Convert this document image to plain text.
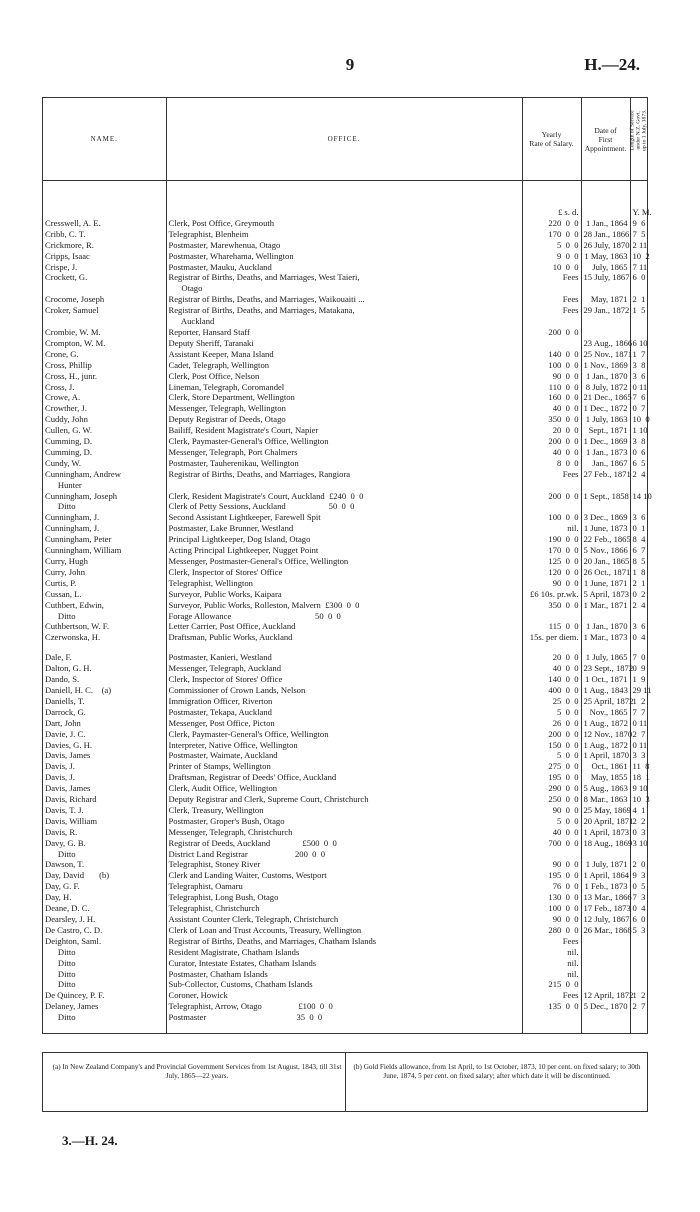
9	H.—24.
NAME.	OFFICE.	Yearly
Rate of Salary.	Date of
First
Appointment.	Length of Service
under N.Z. Govt.
up to 1 July, 1873.

		£ s. d.		Y. M.
Cresswell, A. E.	Clerk, Post Office, Greymouth	220  0  0	1 Jan., 1864	9  6
Cribb, C. T.	Telegraphist, Blenheim	170  0  0	28 Jan., 1866	7  5
Crickmore, R.	Postmaster, Marewhenua, Otago	5  0  0	26 July, 1870	2 11
Cripps, Isaac	Postmaster, Wharehama, Wellington	9  0  0	1 May, 1863	10  2
Crispe, J.	Postmaster, Mauku, Auckland	10  0  0	July, 1865	7 11
Crockett, G.	Registrar of Births, Deaths, and Marriages, West Taieri,	Fees	15 July, 1867	6  0
	Otago			
Crocome, Joseph	Registrar of Births, Deaths, and Marriages, Waikouaiti ...	Fees	May, 1871	2  1
Croker, Samuel	Registrar of Births, Deaths, and Marriages, Matakana,	Fees	29 Jan., 1872	1  5
	Auckland			
Crombie, W. M.	Reporter, Hansard Staff	200  0  0		
Crompton, W. M.	Deputy Sheriff, Taranaki		23 Aug., 1866	6 10
Crone, G.	Assistant Keeper, Mana Island	140  0  0	25 Nov., 1871	1  7
Cross, Phillip	Cadet, Telegraph, Wellington	100  0  0	1 Nov., 1869	3  8
Cross, H., junr.	Clerk, Post Office, Nelson	90  0  0	1 Jan., 1870	3  6
Cross, J.	Lineman, Telegraph, Coromandel	110  0  0	8 July, 1872	0 11
Crowe, A.	Clerk, Store Department, Wellington	160  0  0	21 Dec., 1865	7  6
Crowther, J.	Messenger, Telegraph, Wellington	40  0  0	1 Dec., 1872	0  7
Cuddy, John	Deputy Registrar of Deeds, Otago	350  0  0	1 July, 1863	10  0
Cullen, G. W.	Bailiff, Resident Magistrate's Court, Napier	20  0  0	Sept., 1871	1 10
Cumming, D.	Clerk, Paymaster-General's Office, Wellington	200  0  0	1 Dec., 1869	3  8
Cumming, D.	Messenger, Telegraph, Port Chalmers	40  0  0	1 Jan., 1873	0  6
Cundy, W.	Postmaster, Tauherenikau, Wellington	8  0  0	Jan., 1867	6  5
Cunningham, Andrew	Registrar of Births, Deaths, and Marriages, Rangiora	Fees	27 Feb., 1871	2  4
Hunter				
Cunningham, Joseph	Clerk, Resident Magistrate's Court, Auckland  £240  0  0	200  0  0	1 Sept., 1858	14 10
Ditto	Clerk of Petty Sessions, Auckland                    50  0  0			
Cunningham, J.	Second Assistant Lightkeeper, Farewell Spit	100  0  0	3 Dec., 1869	3  6
Cunningham, J.	Postmaster, Lake Brunner, Westland	nil.	1 June, 1873	0  1
Cunningham, Peter	Principal Lightkeeper, Dog Island, Otago	190  0  0	22 Feb., 1865	8  4
Cunningham, William	Acting Principal Lightkeeper, Nugget Point	170  0  0	5 Nov., 1866	6  7
Curry, Hugh	Messenger, Postmaster-General's Office, Wellington	125  0  0	20 Jan., 1865	8  5
Curry, John	Clerk, Inspector of Stores' Office	120  0  0	26 Oct., 1871	1  8
Curtis, P.	Telegraphist, Wellington	90  0  0	1 June, 1871	2  1
Cussan, L.	Surveyor, Public Works, Kaipara	£6 10s. pr.wk.	5 April, 1873	0  2
Cuthbert, Edwin,	Surveyor, Public Works, Rolleston, Malvern  £300  0  0	350  0  0	1 Mar., 1871	2  4
Ditto	Forage Allowance                                       50  0  0			
Cuthbertson, W. F.	Letter Carrier, Post Office, Auckland	115  0  0	1 Jan., 1870	3  6
Czerwonska, H.	Draftsman, Public Works, Auckland	15s. per diem.	1 Mar., 1873	0  4

Dale, F.	Postmaster, Kanieri, Westland	20  0  0	1 July, 1865	7  0
Dalton, G. H.	Messenger, Telegraph, Auckland	40  0  0	23 Sept., 1872	0  9
Dando, S.	Clerk, Inspector of Stores' Office	140  0  0	1 Oct., 1871	1  9
Daniell, H. C.    (a)	Commissioner of Crown Lands, Nelson	400  0  0	1 Aug., 1843	29 11
Daniells, T.	Immigration Officer, Riverton	25  0  0	25 April, 1872	1  2
Darrock, G.	Postmaster, Tekapa, Auckland	5  0  0	Nov., 1865	7  7
Dart, John	Messenger, Post Office, Picton	26  0  0	1 Aug., 1872	0 11
Davie, J. C.	Clerk, Paymaster-General's Office, Wellington	200  0  0	12 Nov., 1870	2  7
Davies, G. H.	Interpreter, Native Office, Wellington	150  0  0	1 Aug., 1872	0 11
Davis, James	Postmaster, Waimate, Auckland	5  0  0	1 April, 1870	3  3
Davis, J.	Printer of Stamps, Wellington	275  0  0	Oct., 1861	11  8
Davis, J.	Draftsman, Registrar of Deeds' Office, Auckland	195  0  0	May, 1855	18  1
Davis, James	Clerk, Audit Office, Wellington	290  0  0	5 Aug., 1863	9 10
Davis, Richard	Deputy Registrar and Clerk, Supreme Court, Christchurch	250  0  0	8 Mar., 1863	10  3
Davis, T. J.	Clerk, Treasury, Wellington	90  0  0	25 May, 1869	4  1
Davis, William	Postmaster, Groper's Bush, Otago	5  0  0	20 April, 1871	2  2
Davis, R.	Messenger, Telegraph, Christchurch	40  0  0	1 April, 1873	0  3
Davy, G. B.	Registrar of Deeds, Auckland               £500  0  0	700  0  0	18 Aug., 1869	3 10
Ditto	District Land Registrar                      200  0  0			
Dawson, T.	Telegraphist, Stoney River	90  0  0	1 July, 1871	2  0
Day, David       (b)	Clerk and Landing Waiter, Customs, Westport	195  0  0	1 April, 1864	9  3
Day, G. F.	Telegraphist, Oamaru	76  0  0	1 Feb., 1873	0  5
Day, H.	Telegraphist, Long Bush, Otago	130  0  0	13 Mar., 1866	7  3
Deane, D. C.	Telegraphist, Christchurch	100  0  0	17 Feb., 1873	0  4
Dearsley, J. H.	Assistant Counter Clerk, Telegraph, Christchurch	90  0  0	12 July, 1867	6  0
De Castro, C. D.	Clerk of Loan and Trust Accounts, Treasury, Wellington	280  0  0	26 Mar., 1868	5  3
Deighton, Saml.	Registrar of Births, Deaths, and Marriages, Chatham Islands	Fees		
Ditto	Resident Magistrate, Chatham Islands	nil.		
Ditto	Curator, Intestate Estates, Chatham Islands	nil.		
Ditto	Postmaster, Chatham Islands	nil.		
Ditto	Sub-Collector, Customs, Chatham Islands	215  0  0		
De Quincey, P. F.	Coroner, Howick	Fees	12 April, 1872	1  2
Delaney, James	Telegraphist, Arrow, Otago                 £100  0  0	135  0  0	5 Dec., 1870	2  7
Ditto	Postmaster                                          35  0  0			

(a) In New Zealand Company's and Provincial Government Services from 1st August, 1843, till 31st July, 1865—22 years.
(b) Gold Fields allowance, from 1st April, to 1st October, 1873, 10 per cent. on fixed salary; to 30th June, 1874, 5 per cent. on fixed salary; after which date it will be discontinued.
3.—H. 24.
